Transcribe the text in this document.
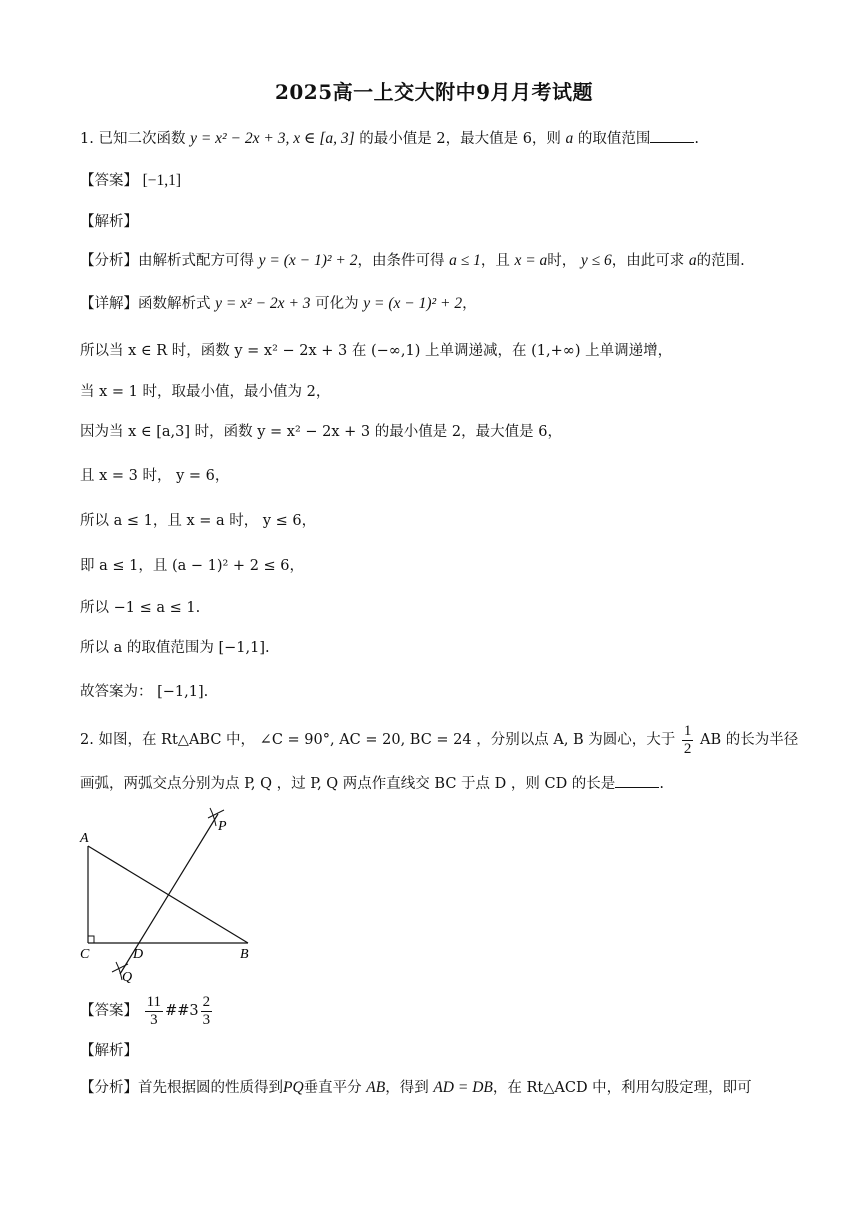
2025高一上交大附中9月月考试题
1. 已知二次函数 y = x² − 2x + 3, x ∈ [a, 3] 的最小值是 2，最大值是 6，则 a 的取值范围	.
【答案】 [−1,1]
【解析】
【分析】由解析式配方可得 y = (x − 1)² + 2，由条件可得 a ≤ 1，且 x = a时， y ≤ 6，由此可求 a的范围.
【详解】函数解析式 y = x² − 2x + 3 可化为 y = (x − 1)² + 2，
所以当 x ∈ R 时，函数 y = x² − 2x + 3 在 (−∞,1) 上单调递减，在 (1,+∞) 上单调递增，
当 x = 1 时，取最小值，最小值为 2，
因为当 x ∈ [a,3] 时，函数 y = x² − 2x + 3 的最小值是 2，最大值是 6，
且 x = 3 时， y = 6，
所以 a ≤ 1，且 x = a 时， y ≤ 6，
即 a ≤ 1，且 (a − 1)² + 2 ≤ 6，
所以 −1 ≤ a ≤ 1.
所以 a 的取值范围为 [−1,1].
故答案为： [−1,1].
2. 如图，在 Rt△ABC 中， ∠C = 90°, AC = 20, BC = 24 ，分别以点 A, B 为圆心，大于 $\frac{1}{2}$ AB 的长为半径
画弧，两弧交点分别为点 P, Q ，过 P, Q 两点作直线交 BC 于点 D ，则 CD 的长是	.
A
C	D	B
P
Q
【答案】 $\frac{11}{3}$ ##3 $\frac{2}{3}$
【解析】
【分析】首先根据圆的性质得到PQ垂直平分 AB，得到 AD = DB，在 Rt△ACD 中，利用勾股定理，即可
